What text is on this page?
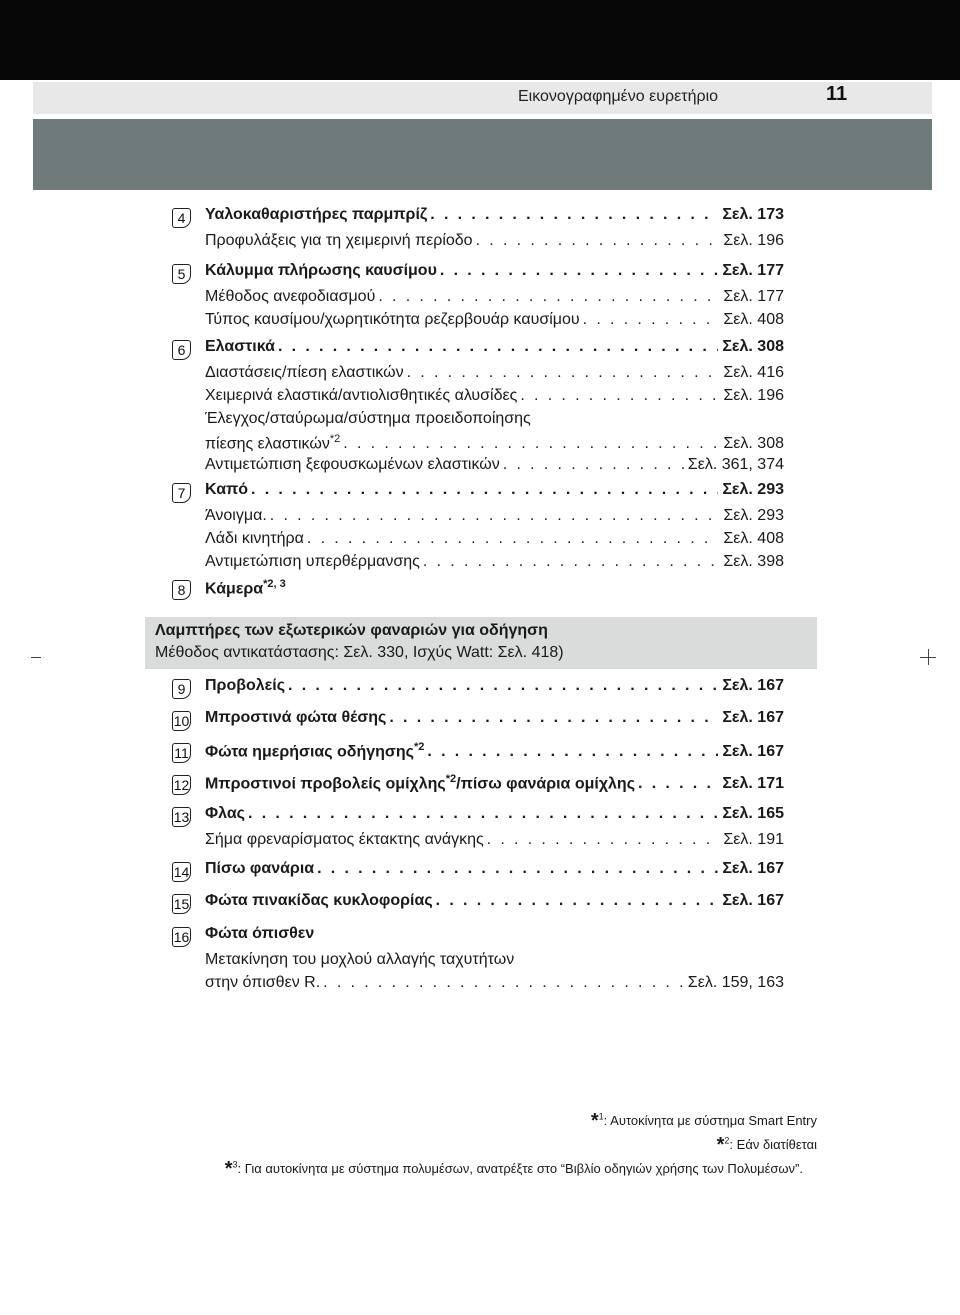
Εικονογραφημένο ευρετήριο	11
4	Υαλοκαθαριστήρες παρμπρίζ . . .	Σελ. 173
Προφυλάξεις για τη χειμερινή περίοδο . . .	Σελ. 196
5	Κάλυμμα πλήρωσης καυσίμου . . .	Σελ. 177
Μέθοδος ανεφοδιασμού . . .	Σελ. 177
Τύπος καυσίμου/χωρητικότητα ρεζερβουάρ καυσίμου . . .	Σελ. 408
6	Ελαστικά . . .	Σελ. 308
Διαστάσεις/πίεση ελαστικών . . .	Σελ. 416
Χειμερινά ελαστικά/αντιολισθητικές αλυσίδες . . .	Σελ. 196
Έλεγχος/σταύρωμα/σύστημα προειδοποίησης
πίεσης ελαστικών$^{*2}$ . . .	Σελ. 308
Αντιμετώπιση ξεφουσκωμένων ελαστικών . . .	Σελ. 361, 374
7	Καπό . . .	Σελ. 293
Άνοιγμα. . . .	Σελ. 293
Λάδι κινητήρα . . .	Σελ. 408
Αντιμετώπιση υπερθέρμανσης . . .	Σελ. 398
8	Κάμερα$^{*2, 3}$
Λαμπτήρες των εξωτερικών φαναριών για οδήγηση
Μέθοδος αντικατάστασης: Σελ. 330, Ισχύς Watt: Σελ. 418)
9	Προβολείς . . .	Σελ. 167
10 Μπροστινά φώτα θέσης . . .	Σελ. 167
11 Φώτα ημερήσιας οδήγησης$^{*2}$ . . .	Σελ. 167
12 Μπροστινοί προβολείς ομίχλης$^{*2}$/πίσω φανάρια ομίχλης . . .	Σελ. 171
13 Φλας . . .	Σελ. 165
Σήμα φρεναρίσματος έκτακτης ανάγκης . . .	Σελ. 191
14 Πίσω φανάρια . . .	Σελ. 167
15 Φώτα πινακίδας κυκλοφορίας . . .	Σελ. 167
16 Φώτα όπισθεν
Μετακίνηση του μοχλού αλλαγής ταχυτήτων
στην όπισθεν R. . . .	Σελ. 159, 163
*$^1$: Αυτοκίνητα με σύστημα Smart Entry
*$^2$: Εάν διατίθεται
*$^3$: Για αυτοκίνητα με σύστημα πολυμέσων, ανατρέξτε στο “Βιβλίο οδηγιών χρήσης των Πολυμέσων”.
